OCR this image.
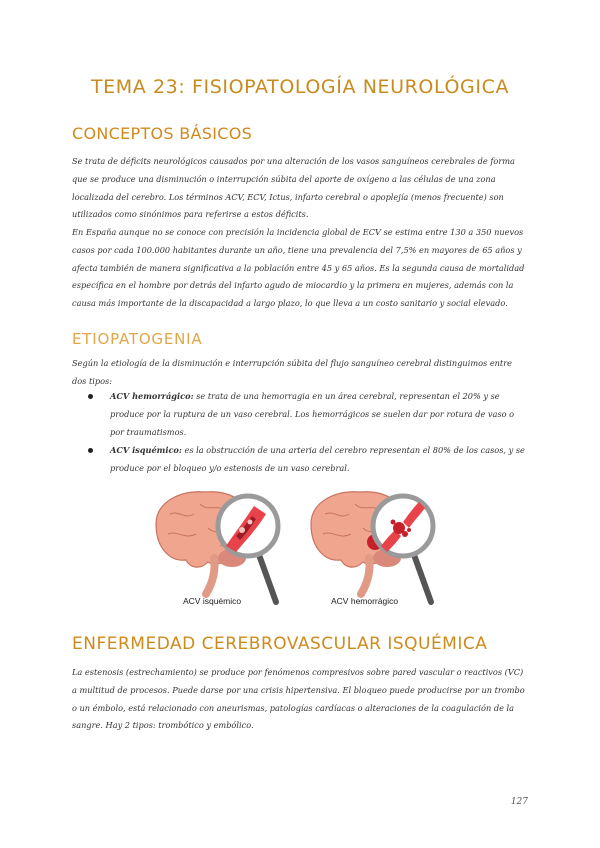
TEMA 23: FISIOPATOLOGÍA NEUROLÓGICA
CONCEPTOS BÁSICOS

Se trata de déficits neurológicos causados por una alteración de los vasos sanguíneos cerebrales de forma que se produce una disminución o interrupción súbita del aporte de oxígeno a las células de una zona localizada del cerebro. Los términos ACV, ECV, Ictus, infarto cerebral o apoplejía (menos frecuente) son utilizados como sinónimos para referirse a estos déficits.

En España aunque no se conoce con precisión la incidencia global de ECV se estima entre 130 a 350 nuevos casos por cada 100.000 habitantes durante un año, tiene una prevalencia del 7,5% en mayores de 65 años y afecta también de manera significativa a la población entre 45 y 65 años. Es la segunda causa de mortalidad específica en el hombre por detrás del infarto agudo de miocardio y la primera en mujeres, además con la causa más importante de la discapacidad a largo plazo, lo que lleva a un costo sanitario y social elevado.

ETIOPATOGENIA

Según la etiología de la disminución e interrupción súbita del flujo sanguíneo cerebral distinguimos entre dos tipos:

ACV hemorrágico: se trata de una hemorragia en un área cerebral, representan el 20% y se produce por la ruptura de un vaso cerebral. Los hemorrágicos se suelen dar por rotura de vaso o por traumatismos.
ACV isquémico: es la obstrucción de una arteria del cerebro representan el 80% de los casos, y se produce por el bloqueo y/o estenosis de un vaso cerebral.
ACV isquémico	ACV hemorrágico
ENFERMEDAD CEREBROVASCULAR ISQUÉMICA

La estenosis (estrechamiento) se produce por fenómenos compresivos sobre pared vascular o reactivos (VC) a multitud de procesos. Puede darse por una crisis hipertensiva. El bloqueo puede producirse por un trombo o un émbolo, está relacionado con aneurismas, patologías cardíacas o alteraciones de la coagulación de la sangre. Hay 2 tipos: trombótico y embólico.

127
